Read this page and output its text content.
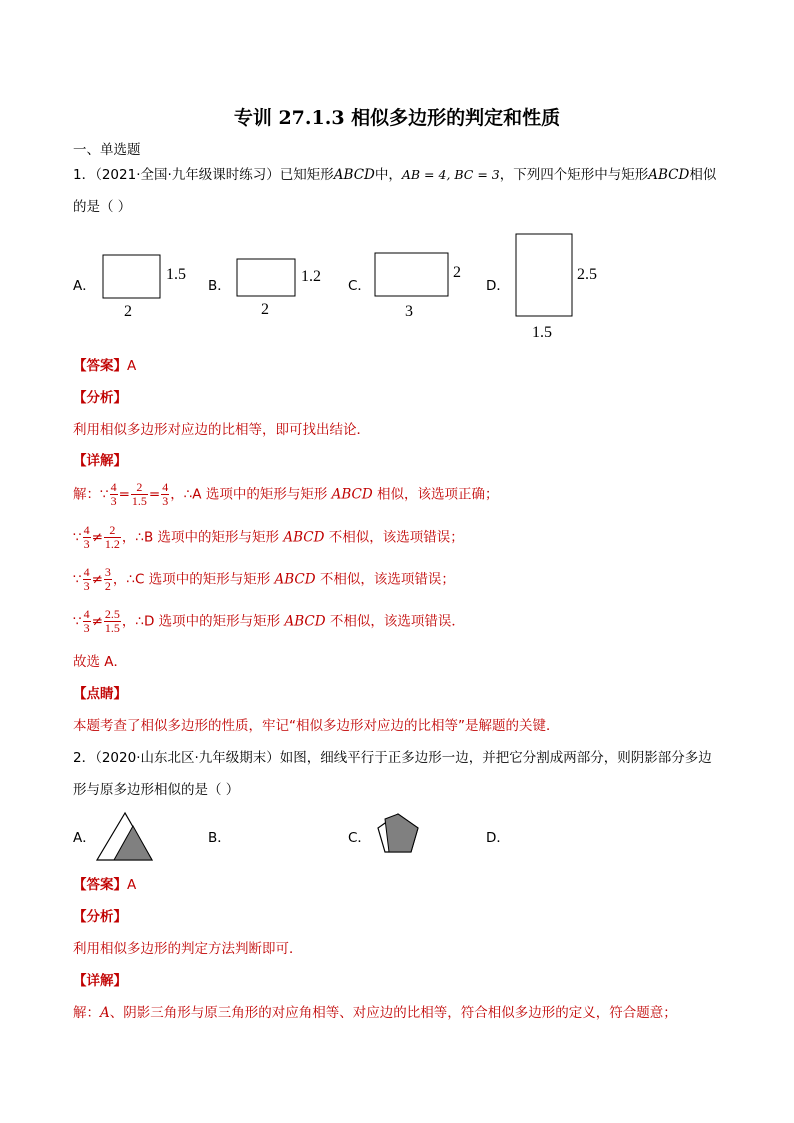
专训 27.1.3 相似多边形的判定和性质
一、单选题
1．（2021·全国·九年级课时练习）已知矩形ABCD中，AB = 4, BC = 3，下列四个矩形中与矩形ABCD相似
的是（ ）
A．
1.5
2
B．
1.2
2
C．
2
3
D．
2.5
1.5
【答案】A
【分析】
利用相似多边形对应边的比相等，即可找出结论．
【详解】
解：∵ $\frac{4}{3} = \frac{2}{1.5} = \frac{4}{3}$ ，∴A 选项中的矩形与矩形 ABCD 相似，该选项正确；
∵ $\frac{4}{3} \ne \frac{2}{1.2}$ ，∴B 选项中的矩形与矩形 ABCD 不相似，该选项错误；
∵ $\frac{4}{3} \ne \frac{3}{2}$ ，∴C 选项中的矩形与矩形 ABCD 不相似，该选项错误；
∵ $\frac{4}{3} \ne \frac{2.5}{1.5}$ ，∴D 选项中的矩形与矩形 ABCD 不相似，该选项错误．
故选 A．
【点睛】
本题考查了相似多边形的性质，牢记“相似多边形对应边的比相等”是解题的关键．
2．（2020·山东北区·九年级期末）如图，细线平行于正多边形一边，并把它分割成两部分，则阴影部分多边
形与原多边形相似的是（ ）
A．	B．	C．	D．
【答案】A
【分析】
利用相似多边形的判定方法判断即可．
【详解】
解：A、阴影三角形与原三角形的对应角相等、对应边的比相等，符合相似多边形的定义，符合题意；
